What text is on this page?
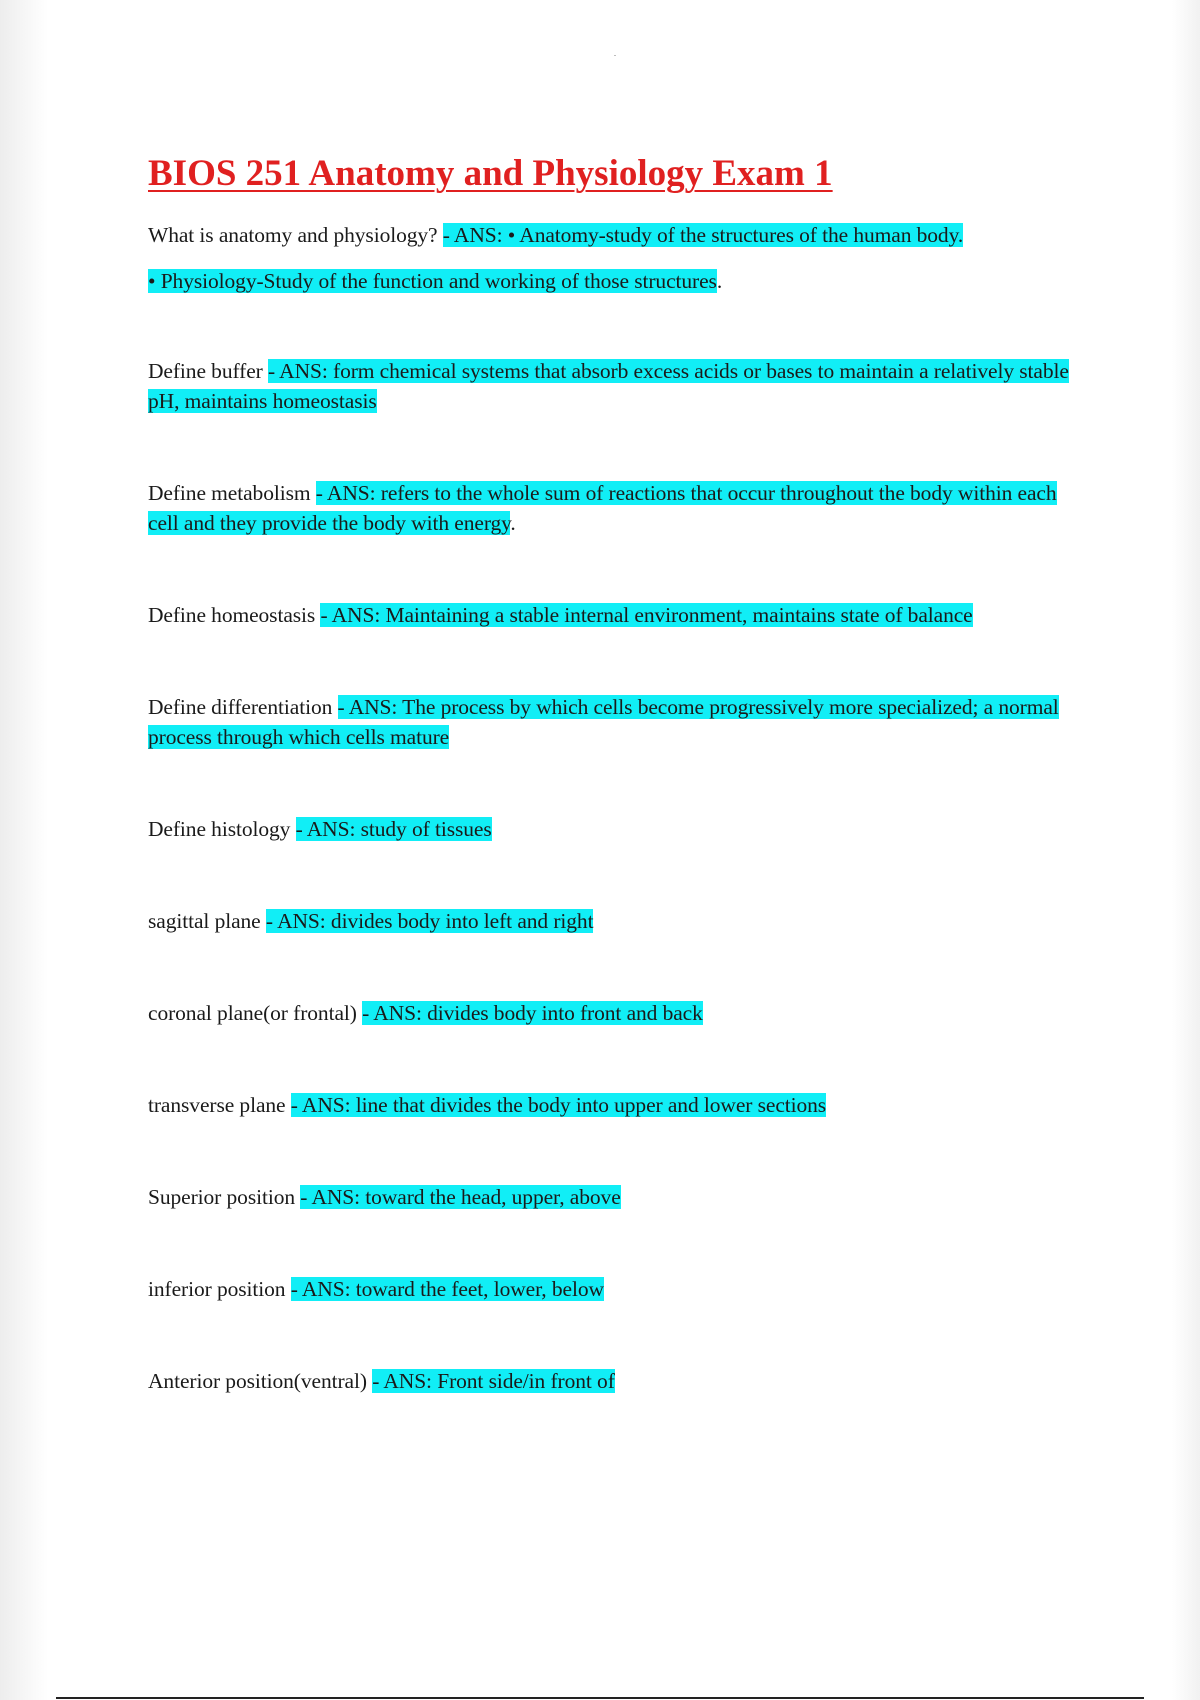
BIOS 251 Anatomy and Physiology Exam 1

What is anatomy and physiology? - ANS: • Anatomy-study of the structures of the human body.
• Physiology-Study of the function and working of those structures.

Define buffer - ANS: form chemical systems that absorb excess acids or bases to maintain a relatively stable pH, maintains homeostasis

Define metabolism - ANS: refers to the whole sum of reactions that occur throughout the body within each cell and they provide the body with energy.

Define homeostasis - ANS: Maintaining a stable internal environment, maintains state of balance

Define differentiation - ANS: The process by which cells become progressively more specialized; a normal process through which cells mature

Define histology - ANS: study of tissues

sagittal plane - ANS: divides body into left and right

coronal plane(or frontal) - ANS: divides body into front and back

transverse plane - ANS: line that divides the body into upper and lower sections

Superior position - ANS: toward the head, upper, above

inferior position - ANS: toward the feet, lower, below

Anterior position(ventral) - ANS: Front side/in front of
